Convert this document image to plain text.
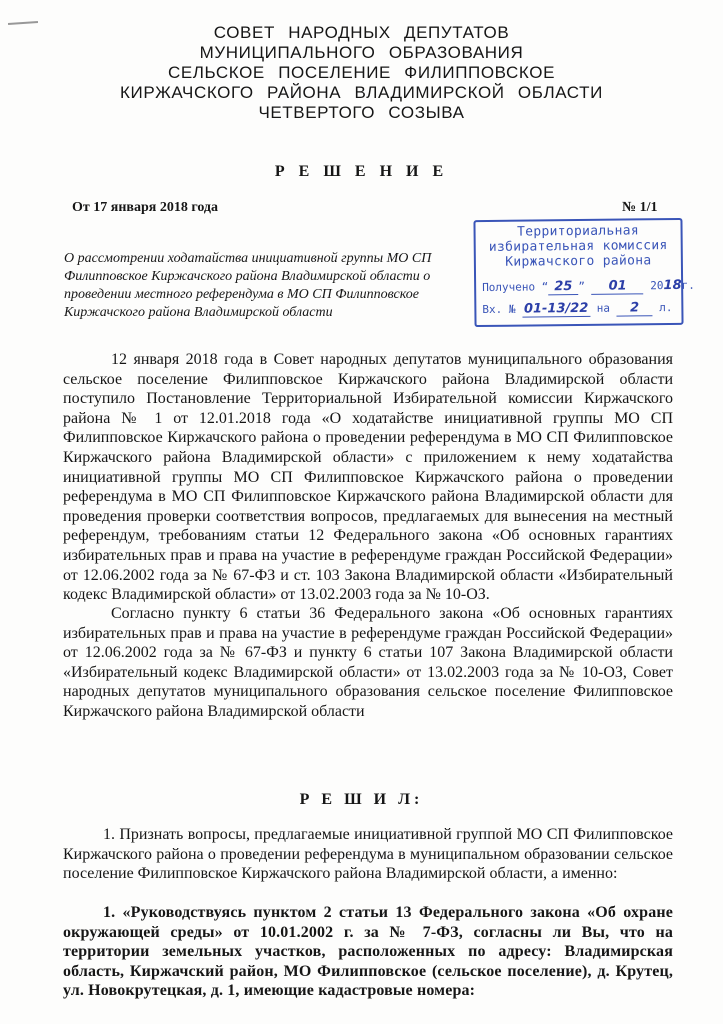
СОВЕТ НАРОДНЫХ ДЕПУТАТОВ
МУНИЦИПАЛЬНОГО ОБРАЗОВАНИЯ
СЕЛЬСКОЕ ПОСЕЛЕНИЕ ФИЛИППОВСКОЕ
КИРЖАЧСКОГО РАЙОНА ВЛАДИМИРСКОЙ ОБЛАСТИ
ЧЕТВЕРТОГО СОЗЫВА
Р Е Ш Е Н И Е
От 17 января 2018 года	№ 1/1
О рассмотрении ходатайства инициативной группы МО СП Филипповское Киржачского района Владимирской области о проведении местного референдума в МО СП Филипповское Киржачского района Владимирской области
Территориальная
избирательная комиссия
Киржачского района
Получено “ 25 ” 01 2018г.
Вх. № 01-13/22 на 2 л.
12 января 2018 года в Совет народных депутатов муниципального образования сельское поселение Филипповское Киржачского района Владимирской области поступило Постановление Территориальной Избирательной комиссии Киржачского района № 1 от 12.01.2018 года «О ходатайстве инициативной группы МО СП Филипповское Киржачского района о проведении референдума в МО СП Филипповское Киржачского района Владимирской области» с приложением к нему ходатайства инициативной группы МО СП Филипповское Киржачского района о проведении референдума в МО СП Филипповское Киржачского района Владимирской области для проведения проверки соответствия вопросов, предлагаемых для вынесения на местный референдум, требованиям статьи 12 Федерального закона «Об основных гарантиях избирательных прав и права на участие в референдуме граждан Российской Федерации» от 12.06.2002 года за № 67-ФЗ и ст. 103 Закона Владимирской области «Избирательный кодекс Владимирской области» от 13.02.2003 года за № 10-ОЗ.
Согласно пункту 6 статьи 36 Федерального закона «Об основных гарантиях избирательных прав и права на участие в референдуме граждан Российской Федерации» от 12.06.2002 года за № 67-ФЗ и пункту 6 статьи 107 Закона Владимирской области «Избирательный кодекс Владимирской области» от 13.02.2003 года за № 10-ОЗ, Совет народных депутатов муниципального образования сельское поселение Филипповское Киржачского района Владимирской области
Р Е Ш И Л:
1. Признать вопросы, предлагаемые инициативной группой МО СП Филипповское Киржачского района о проведении референдума в муниципальном образовании сельское поселение Филипповское Киржачского района Владимирской области, а именно:
1. «Руководствуясь пунктом 2 статьи 13 Федерального закона «Об охране окружающей среды» от 10.01.2002 г. за № 7-ФЗ, согласны ли Вы, что на территории земельных участков, расположенных по адресу: Владимирская область, Киржачский район, МО Филипповское (сельское поселение), д. Крутец, ул. Новокрутецкая, д. 1, имеющие кадастровые номера:
